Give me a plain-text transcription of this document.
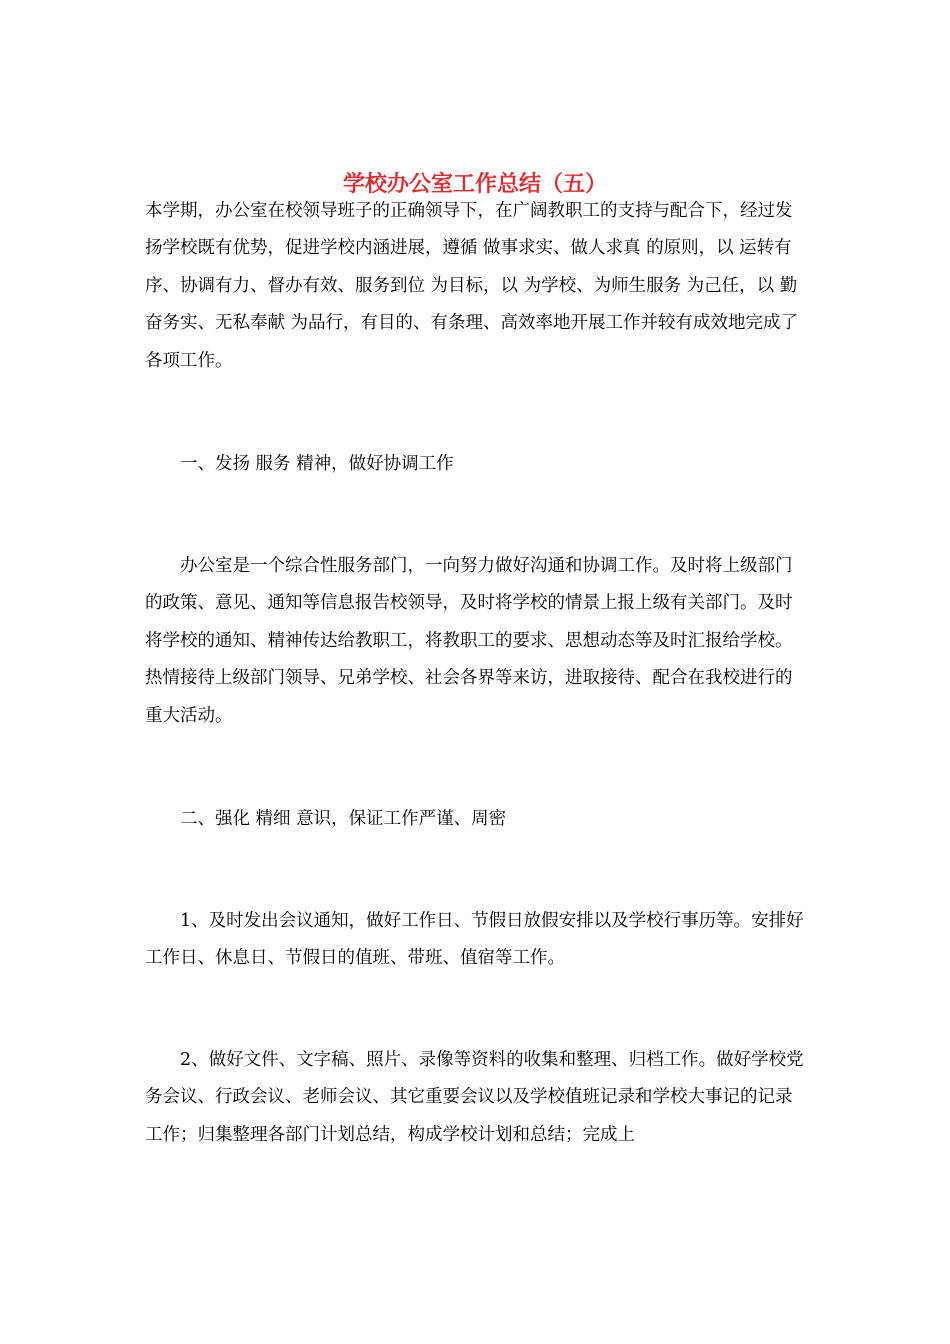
学校办公室工作总结（五）

本学期，办公室在校领导班子的正确领导下，在广阔教职工的支持与配合下，经过发扬学校既有优势，促进学校内涵进展，遵循 做事求实、做人求真 的原则，以 运转有序、协调有力、督办有效、服务到位 为目标，以 为学校、为师生服务 为己任，以 勤奋务实、无私奉献 为品行，有目的、有条理、高效率地开展工作并较有成效地完成了各项工作。

一、发扬 服务 精神，做好协调工作

办公室是一个综合性服务部门，一向努力做好沟通和协调工作。及时将上级部门的政策、意见、通知等信息报告校领导，及时将学校的情景上报上级有关部门。及时将学校的通知、精神传达给教职工，将教职工的要求、思想动态等及时汇报给学校。热情接待上级部门领导、兄弟学校、社会各界等来访，进取接待、配合在我校进行的重大活动。

二、强化 精细 意识，保证工作严谨、周密

1、及时发出会议通知，做好工作日、节假日放假安排以及学校行事历等。安排好工作日、休息日、节假日的值班、带班、值宿等工作。

2、做好文件、文字稿、照片、录像等资料的收集和整理、归档工作。做好学校党务会议、行政会议、老师会议、其它重要会议以及学校值班记录和学校大事记的记录工作；归集整理各部门计划总结，构成学校计划和总结；完成上
